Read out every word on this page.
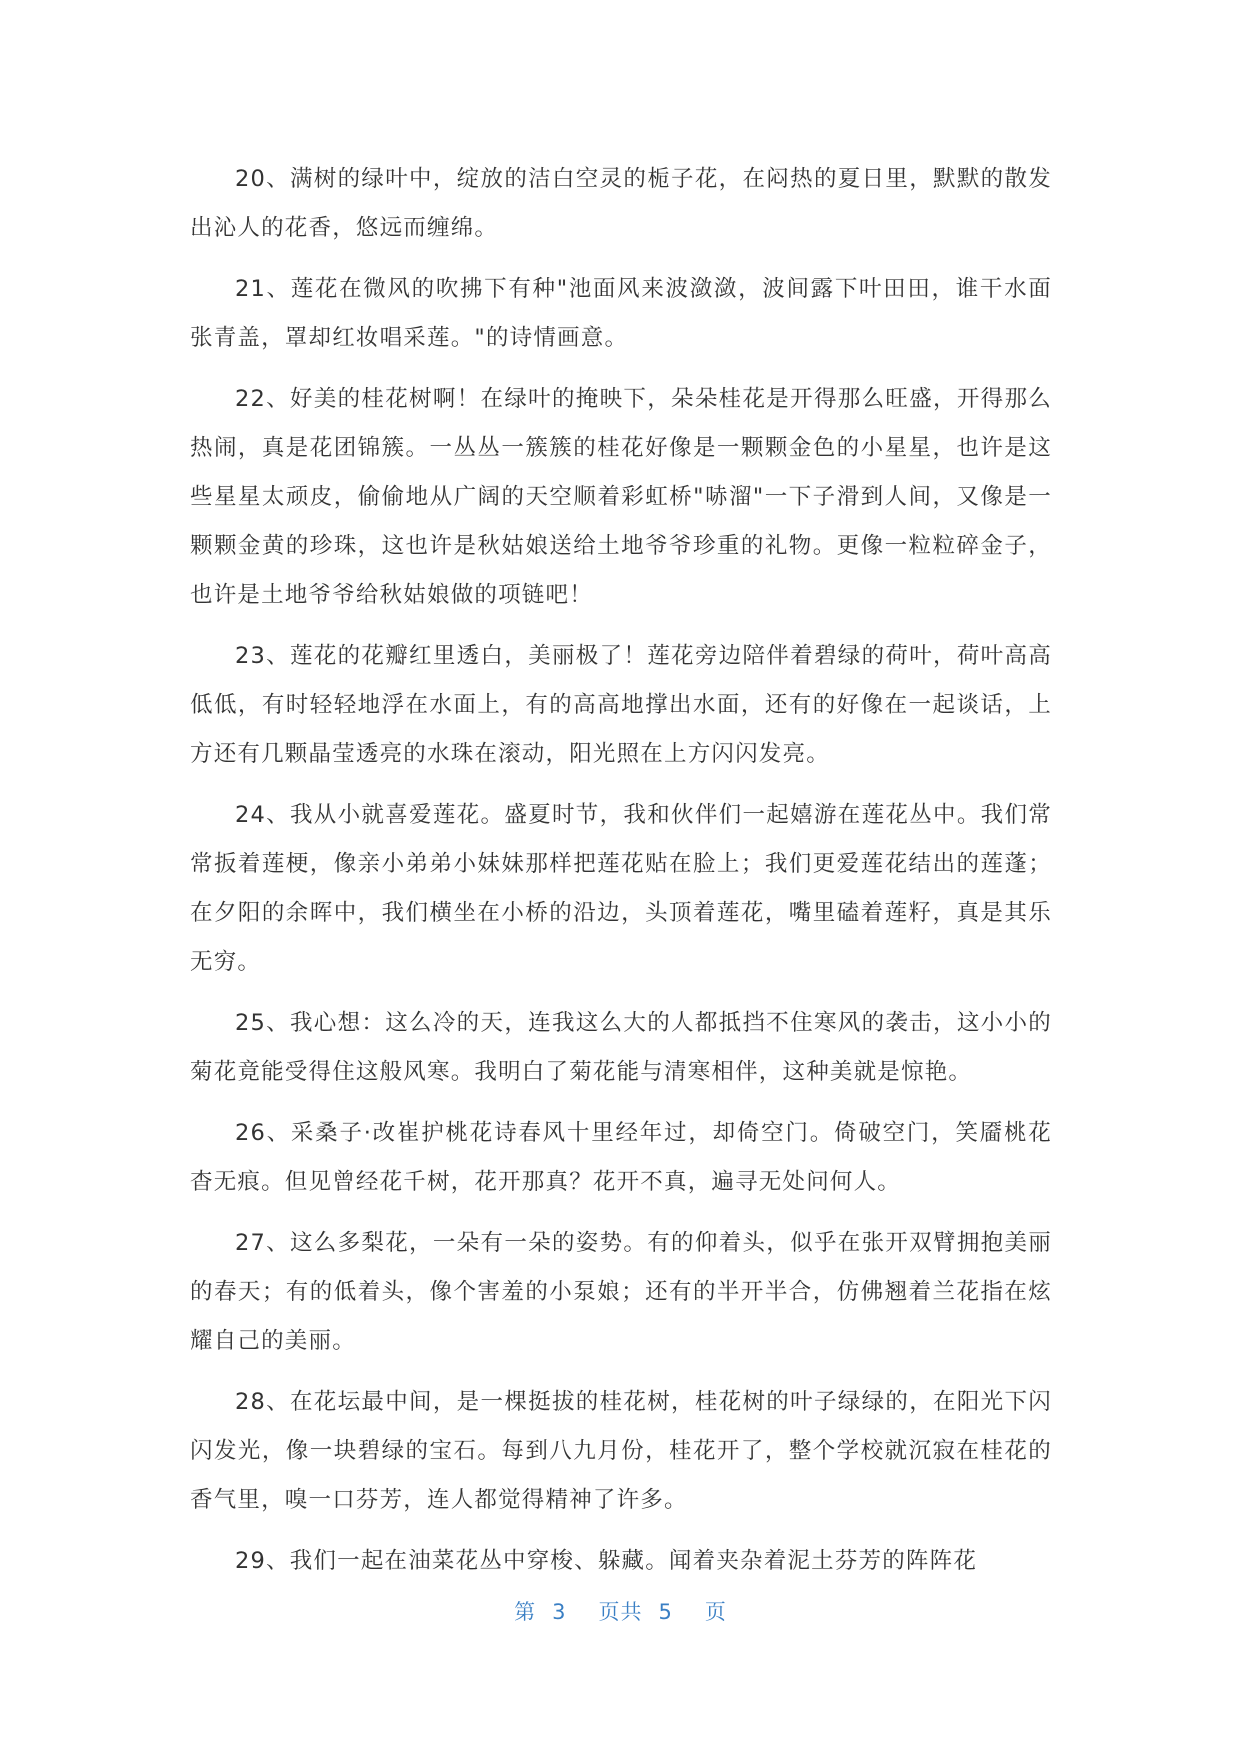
20、满树的绿叶中，绽放的洁白空灵的栀子花，在闷热的夏日里，默默的散发出沁人的花香，悠远而缠绵。

21、莲花在微风的吹拂下有种"池面风来波潋潋，波间露下叶田田，谁干水面张青盖，罩却红妆唱采莲。"的诗情画意。

22、好美的桂花树啊！在绿叶的掩映下，朵朵桂花是开得那么旺盛，开得那么热闹，真是花团锦簇。一丛丛一簇簇的桂花好像是一颗颗金色的小星星，也许是这些星星太顽皮，偷偷地从广阔的天空顺着彩虹桥"哧溜"一下子滑到人间，又像是一颗颗金黄的珍珠，这也许是秋姑娘送给土地爷爷珍重的礼物。更像一粒粒碎金子，也许是土地爷爷给秋姑娘做的项链吧！

23、莲花的花瓣红里透白，美丽极了！莲花旁边陪伴着碧绿的荷叶，荷叶高高低低，有时轻轻地浮在水面上，有的高高地撑出水面，还有的好像在一起谈话，上方还有几颗晶莹透亮的水珠在滚动，阳光照在上方闪闪发亮。

24、我从小就喜爱莲花。盛夏时节，我和伙伴们一起嬉游在莲花丛中。我们常常扳着莲梗，像亲小弟弟小妹妹那样把莲花贴在脸上；我们更爱莲花结出的莲蓬；在夕阳的余晖中，我们横坐在小桥的沿边，头顶着莲花，嘴里磕着莲籽，真是其乐无穷。

25、我心想：这么冷的天，连我这么大的人都抵挡不住寒风的袭击，这小小的菊花竟能受得住这般风寒。我明白了菊花能与清寒相伴，这种美就是惊艳。

26、采桑子·改崔护桃花诗春风十里经年过，却倚空门。倚破空门，笑靥桃花杳无痕。但见曾经花千树，花开那真？花开不真，遍寻无处问何人。

27、这么多梨花，一朵有一朵的姿势。有的仰着头，似乎在张开双臂拥抱美丽的春天；有的低着头，像个害羞的小泵娘；还有的半开半合，仿佛翘着兰花指在炫耀自己的美丽。

28、在花坛最中间，是一棵挺拔的桂花树，桂花树的叶子绿绿的，在阳光下闪闪发光，像一块碧绿的宝石。每到八九月份，桂花开了，整个学校就沉寂在桂花的香气里，嗅一口芬芳，连人都觉得精神了许多。

29、我们一起在油菜花丛中穿梭、躲藏。闻着夹杂着泥土芬芳的阵阵花

第 3 页共 5 页
